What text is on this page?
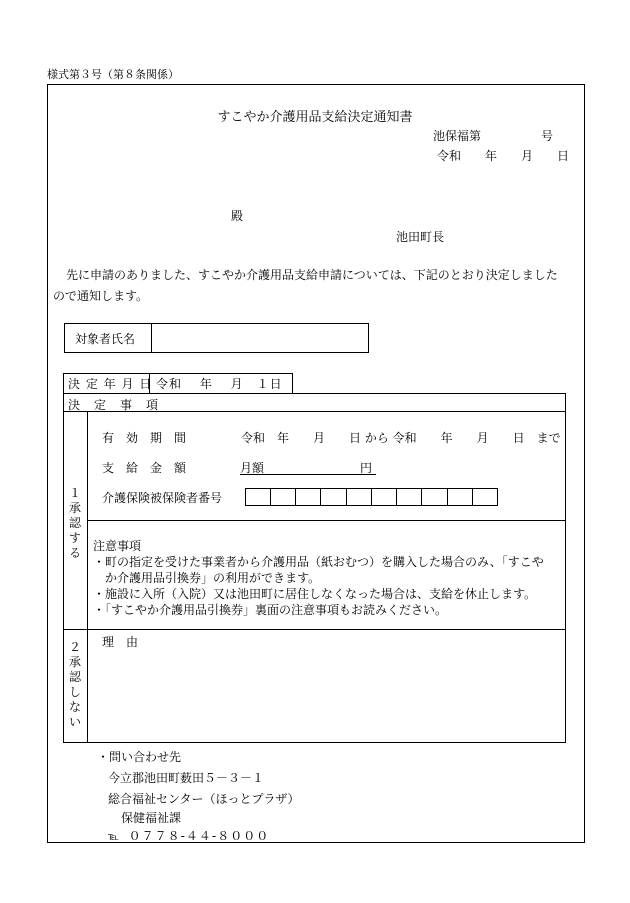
様式第３号（第８条関係）
すこやか介護用品支給決定通知書
池保福第　　　　　号
令和　　年　　月　　日
殿
池田町長
先に申請のありました、すこやか介護用品支給申請については、下記のとおり決定しました
ので通知します。
対象者氏名
決 定 年 月 日 令和　 年　 月　１日
決　定　事　項
１
承
認
す
る
有　効　期　間	令和　年　　月　　日 から 令和　　年　　月　　日　まで
支　給　金　額	月額	円
介護保険被保険者番号
注意事項
・町の指定を受けた事業者から介護用品（紙おむつ）を購入した場合のみ、「すこや
　か介護用品引換券」の利用ができます。
・施設に入所（入院）又は池田町に居住しなくなった場合は、支給を休止します。
・「すこやか介護用品引換券」裏面の注意事項もお読みください。
２
承
認
し
な
い
理　由
・問い合わせ先
今立郡池田町薮田５－３－１
総合福祉センター（ほっとプラザ）
保健福祉課
℡ ０７７８-４４-８０００
